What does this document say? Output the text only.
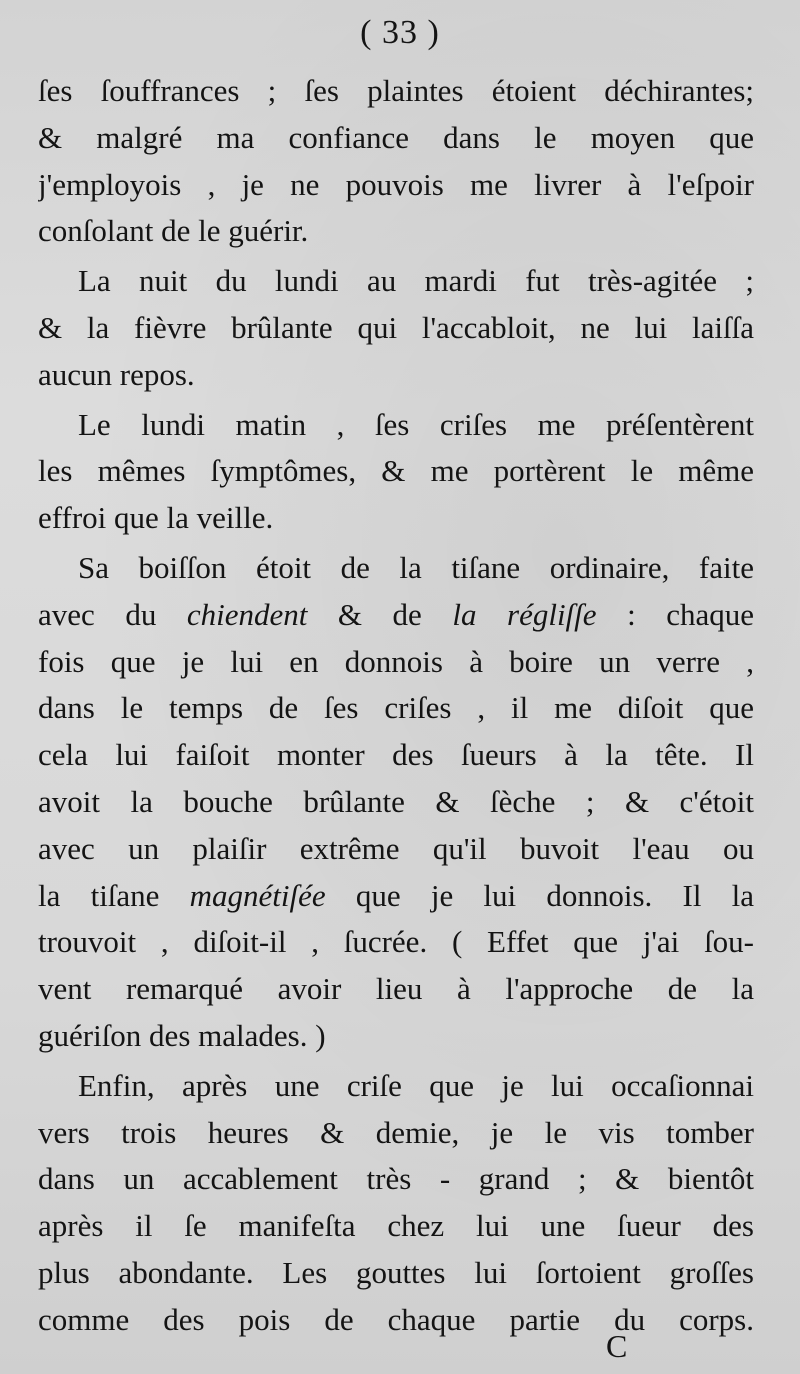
( 33 )
ſes ſouffrances ; ſes plaintes étoient déchirantes;
& malgré ma confiance dans le moyen que
j'employois , je ne pouvois me livrer à l'eſpoir
conſolant de le guérir.
La nuit du lundi au mardi fut très-agitée ;
& la fièvre brûlante qui l'accabloit, ne lui laiſſa
aucun repos.
Le lundi matin , ſes criſes me préſentèrent
les mêmes ſymptômes, & me portèrent le même
effroi que la veille.
Sa boiſſon étoit de la tiſane ordinaire, faite
avec du chiendent & de la régliſſe : chaque
fois que je lui en donnois à boire un verre ,
dans le temps de ſes criſes , il me diſoit que
cela lui faiſoit monter des ſueurs à la tête. Il
avoit la bouche brûlante & ſèche ; & c'étoit
avec un plaiſir extrême qu'il buvoit l'eau ou
la tiſane magnétiſée que je lui donnois. Il la
trouvoit , diſoit-il , ſucrée. ( Effet que j'ai ſou-
vent remarqué avoir lieu à l'approche de la
guériſon des malades. )
Enfin, après une criſe que je lui occaſionnai
vers trois heures & demie, je le vis tomber
dans un accablement très - grand ; & bientôt
après il ſe manifeſta chez lui une ſueur des
plus abondante. Les gouttes lui ſortoient groſſes
comme des pois de chaque partie du corps.
C
